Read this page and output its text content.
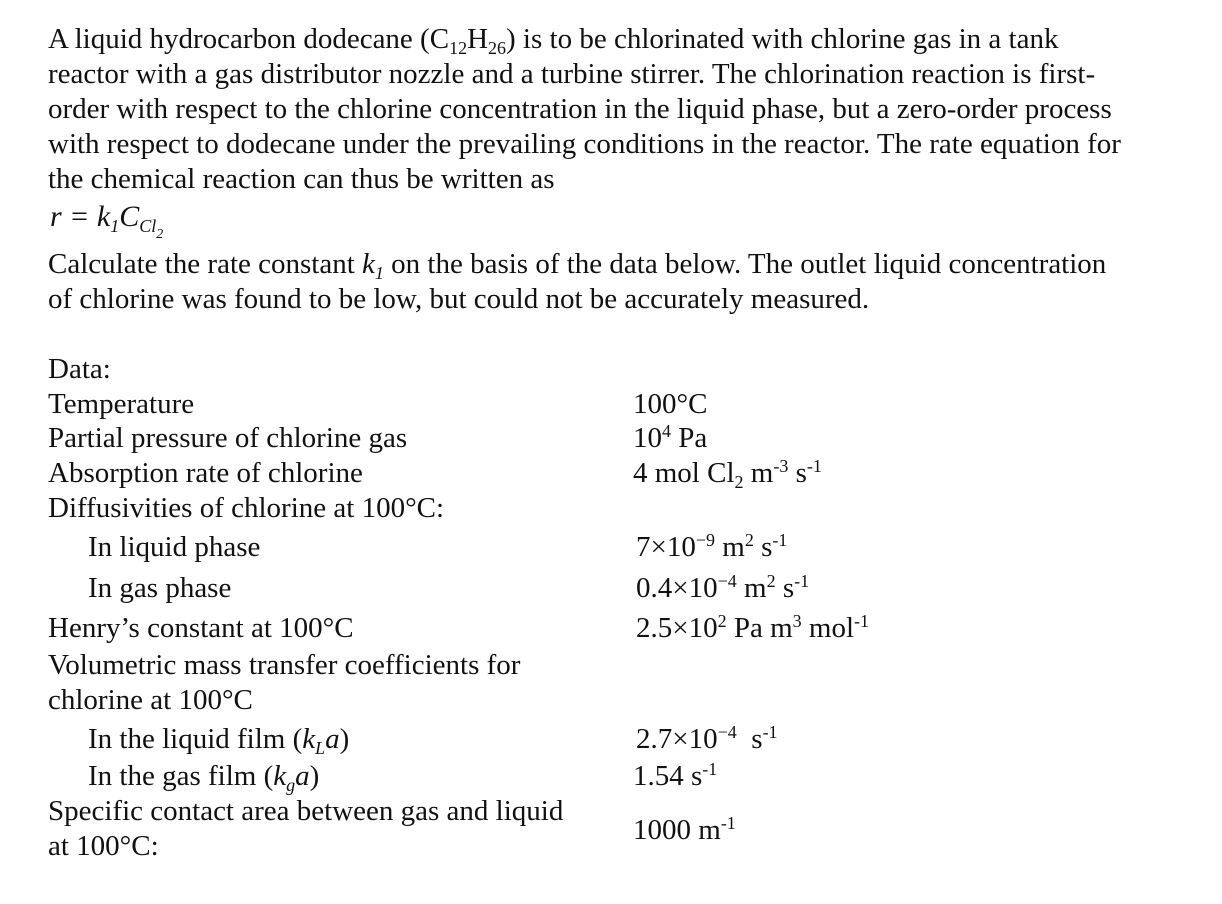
A liquid hydrocarbon dodecane $(C_{12}H_{26})$ is to be chlorinated with chlorine gas in a tank
reactor with a gas distributor nozzle and a turbine stirrer. The chlorination reaction is first-
order with respect to the chlorine concentration in the liquid phase, but a zero-order process
with respect to dodecane under the prevailing conditions in the reactor. The rate equation for
the chemical reaction can thus be written as
$r = k_1C_{Cl_2}$
Calculate the rate constant $k_1$ on the basis of the data below. The outlet liquid concentration
of chlorine was found to be low, but could not be accurately measured.
Data:
Temperature
Partial pressure of chlorine gas
Absorption rate of chlorine
Diffusivities of chlorine at 100°C:
In liquid phase
In gas phase
Henry’s constant at 100°C
Volumetric mass transfer coefficients for
chlorine at 100°C
In the liquid film $(k_La)$
In the gas film $(k_ga)$
Specific contact area between gas and liquid
at 100°C:
100°C
$10^4$ Pa
4 mol $Cl_2$ $m^{-3}$ $s^{-1}$
$7\times 10^{-9}$ $m^2$ $s^{-1}$
$0.4\times 10^{-4}$ $m^2$ $s^{-1}$
$2.5\times 10^2$ Pa $m^3$ mol$^{-1}$
$2.7\times 10^{-4}$  $s^{-1}$
1.54 $s^{-1}$
1000 $m^{-1}$
